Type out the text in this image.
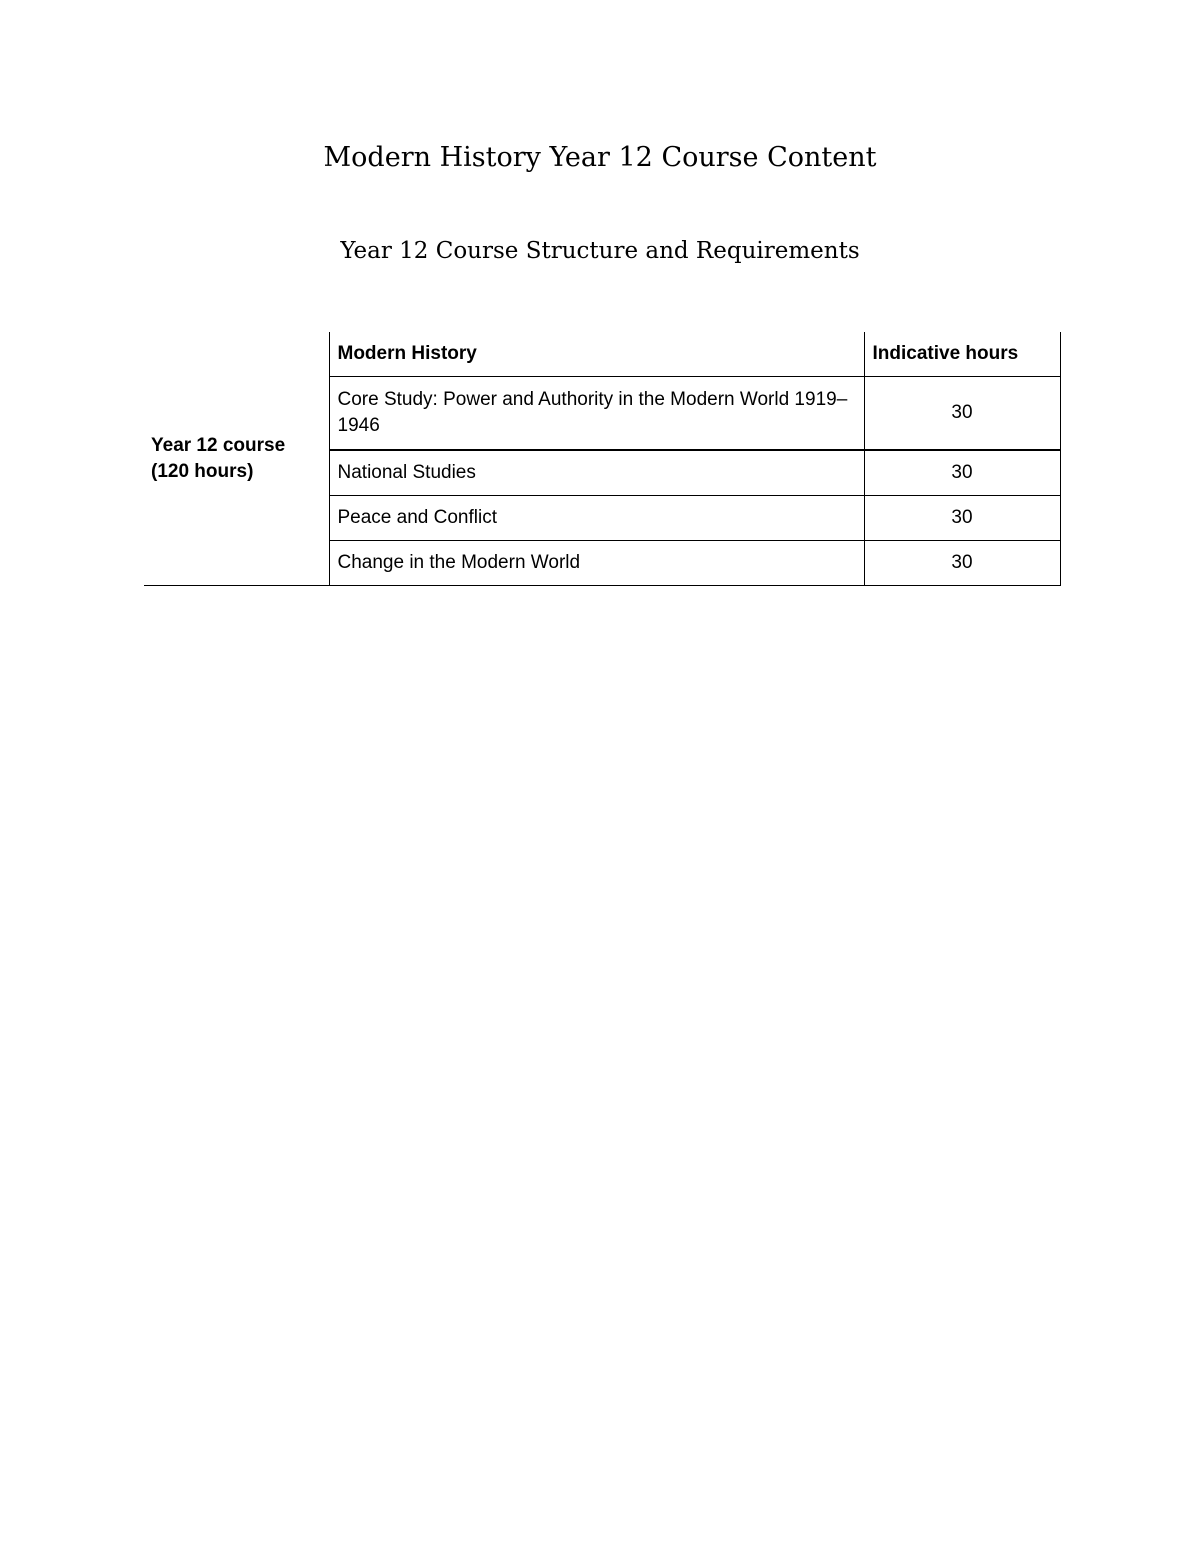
Modern History Year 12 Course Content
Year 12 Course Structure and Requirements
Year 12 course
(120 hours)	Modern History	Indicative hours
	Core Study: Power and Authority in the Modern World 1919–1946	30
	National Studies	30
	Peace and Conflict	30
	Change in the Modern World	30
